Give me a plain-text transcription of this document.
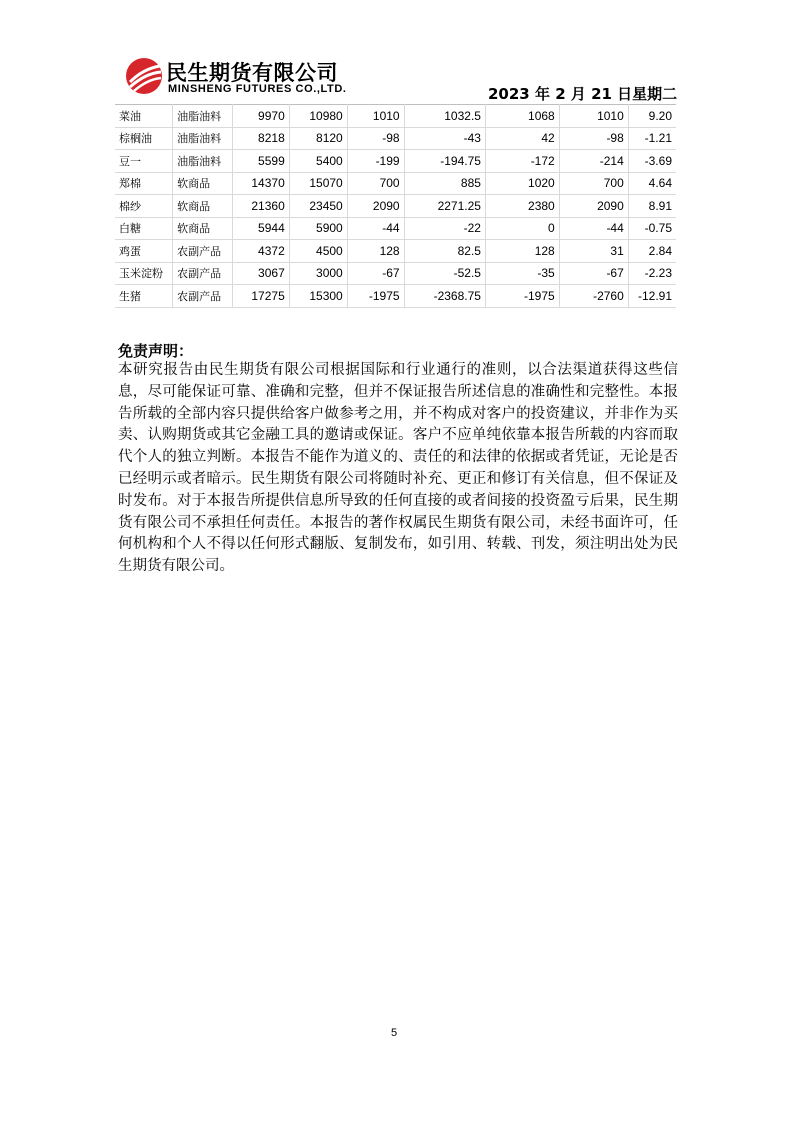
民生期货有限公司
MINSHENG FUTURES CO.,LTD.	2023 年 2 月 21 日星期二
菜油	油脂油料	9970	10980	1010	1032.5	1068	1010	9.20
棕榈油	油脂油料	8218	8120	-98	-43	42	-98	-1.21
豆一	油脂油料	5599	5400	-199	-194.75	-172	-214	-3.69
郑棉	软商品	14370	15070	700	885	1020	700	4.64
棉纱	软商品	21360	23450	2090	2271.25	2380	2090	8.91
白糖	软商品	5944	5900	-44	-22	0	-44	-0.75
鸡蛋	农副产品	4372	4500	128	82.5	128	31	2.84
玉米淀粉	农副产品	3067	3000	-67	-52.5	-35	-67	-2.23
生猪	农副产品	17275	15300	-1975	-2368.75	-1975	-2760	-12.91
免责声明：
本研究报告由民生期货有限公司根据国际和行业通行的准则，以合法渠道获得这些信息，尽可能保证可靠、准确和完整，但并不保证报告所述信息的准确性和完整性。本报告所载的全部内容只提供给客户做参考之用，并不构成对客户的投资建议，并非作为买卖、认购期货或其它金融工具的邀请或保证。客户不应单纯依靠本报告所载的内容而取代个人的独立判断。本报告不能作为道义的、责任的和法律的依据或者凭证，无论是否已经明示或者暗示。民生期货有限公司将随时补充、更正和修订有关信息，但不保证及时发布。对于本报告所提供信息所导致的任何直接的或者间接的投资盈亏后果，民生期货有限公司不承担任何责任。本报告的著作权属民生期货有限公司，未经书面许可，任何机构和个人不得以任何形式翻版、复制发布，如引用、转载、刊发，须注明出处为民生期货有限公司。
5
